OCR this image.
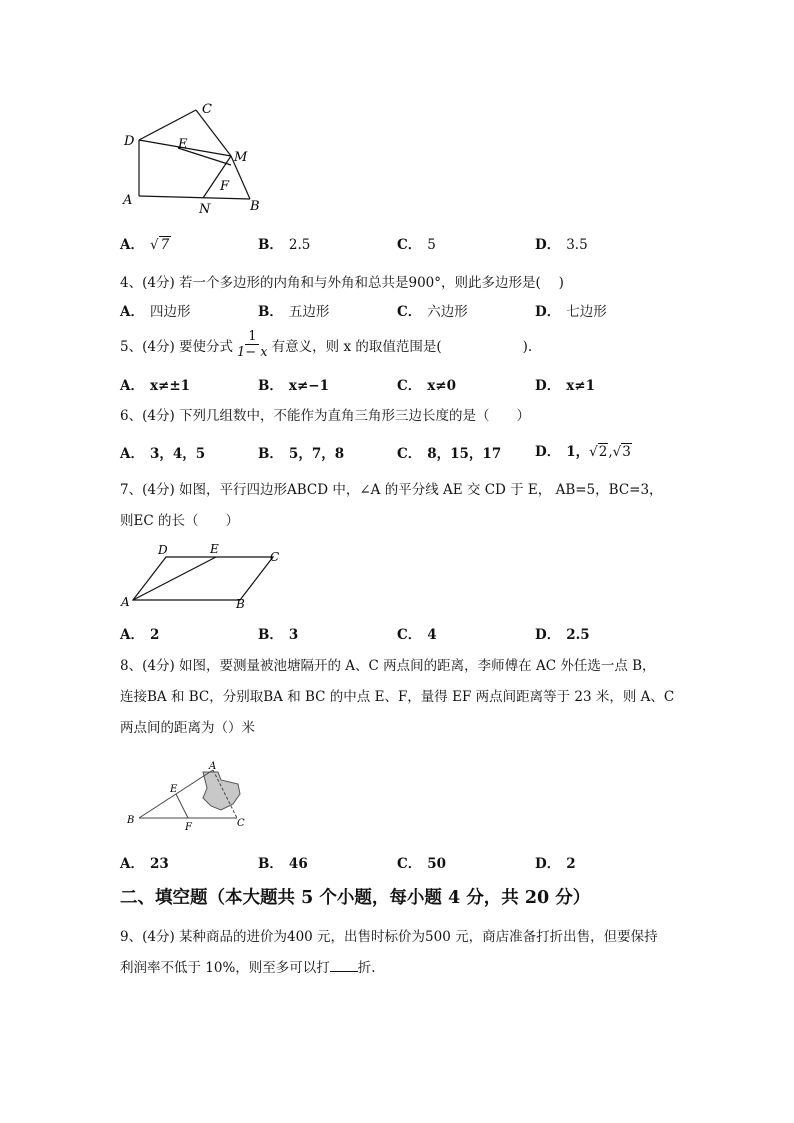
D
C
E
M
F
A
N	B
A． √ 7	B． 2.5	C． 5	D． 3.5
4、(4分) 若一个多边形的内角和与外角和总共是900°，则此多边形是(　 )
A． 四边形	B． 五边形	C． 六边形	D． 七边形
5、(4分) 要使分式 $\frac{1}{1- x}$ 有意义，则 x 的取值范围是(　　　　　　).
A． x≠±1	B． x≠−1	C． x≠0	D． x≠1
6、(4分) 下列几组数中，不能作为直角三角形三边长度的是（　　）
A． 3，4，5	B． 5，7，8	C． 8，15，17	D． 1，√2,√3
7、(4分) 如图，平行四边形ABCD 中，∠A 的平分线 AE 交 CD 于 E， AB=5，BC=3，
则EC 的长（　　）
D	E
C
A	B
A． 2	B． 3	C． 4	D． 2.5
8、(4分) 如图，要测量被池塘隔开的 A、C 两点间的距离，李师傅在 AC 外任选一点 B，
连接BA 和 BC，分别取BA 和 BC 的中点 E、F，量得 EF 两点间距离等于 23 米，则 A、C
两点间的距离为（）米
A
E
B
F	C
A． 23	B． 46	C． 50	D． 2
二、填空题（本大题共 5 个小题，每小题 4 分，共 20 分）
9、(4分) 某种商品的进价为400 元，出售时标价为500 元，商店准备打折出售，但要保持
利润率不低于 10%，则至多可以打 折.
